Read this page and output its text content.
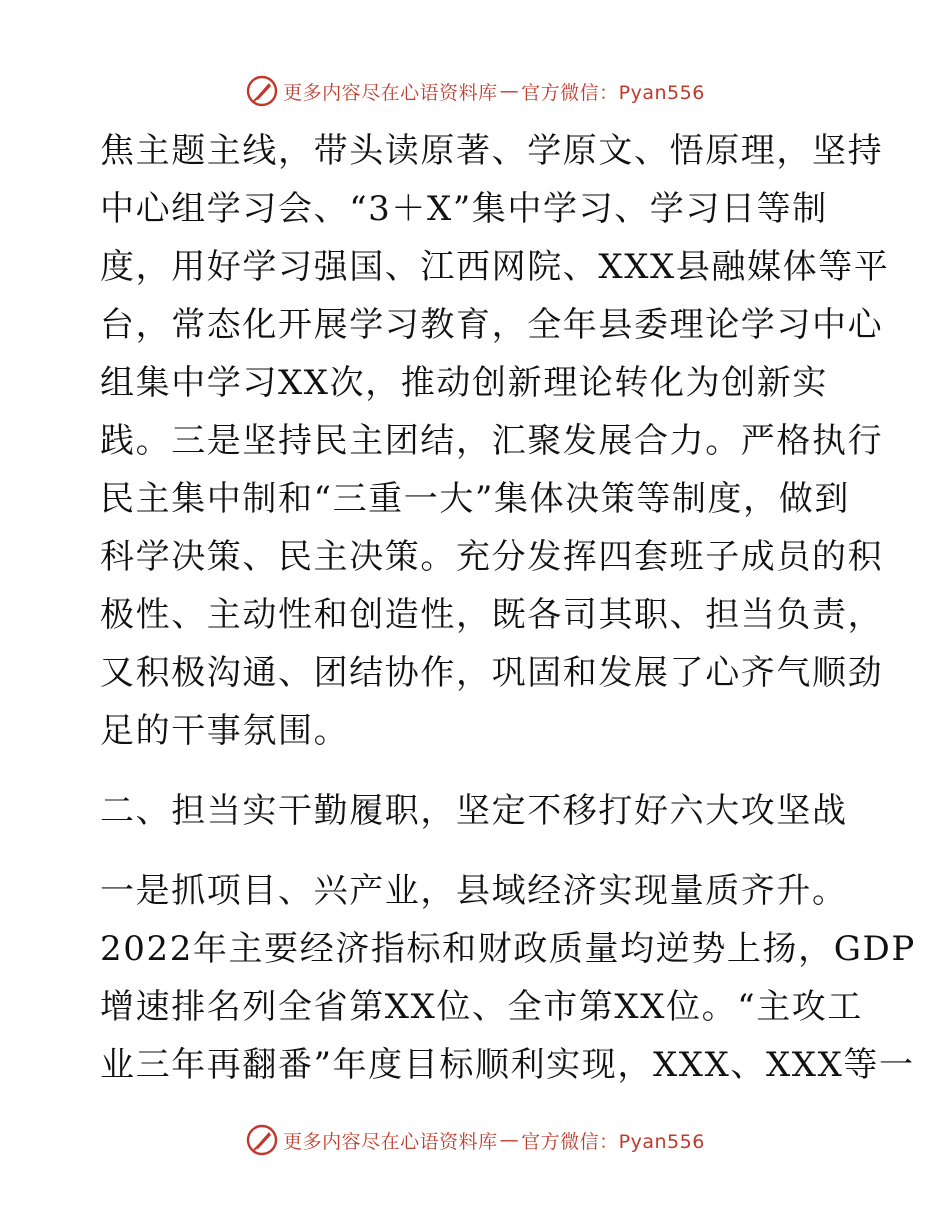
更多内容尽在心语资料库 — 官方微信：Pyan556
焦主题主线，带头读原著、学原文、悟原理，坚持
中心组学习会、“3＋X”集中学习、学习日等制
度，用好学习强国、江西网院、XXX县融媒体等平
台，常态化开展学习教育，全年县委理论学习中心
组集中学习XX次，推动创新理论转化为创新实
践。三是坚持民主团结，汇聚发展合力。严格执行
民主集中制和“三重一大”集体决策等制度，做到
科学决策、民主决策。充分发挥四套班子成员的积
极性、主动性和创造性，既各司其职、担当负责，
又积极沟通、团结协作，巩固和发展了心齐气顺劲
足的干事氛围。
二、担当实干勤履职，坚定不移打好六大攻坚战
一是抓项目、兴产业，县域经济实现量质齐升。
2022年主要经济指标和财政质量均逆势上扬，GDP
增速排名列全省第XX位、全市第XX位。“主攻工
业三年再翻番”年度目标顺利实现，XXX、XXX等一
更多内容尽在心语资料库 — 官方微信：Pyan556
